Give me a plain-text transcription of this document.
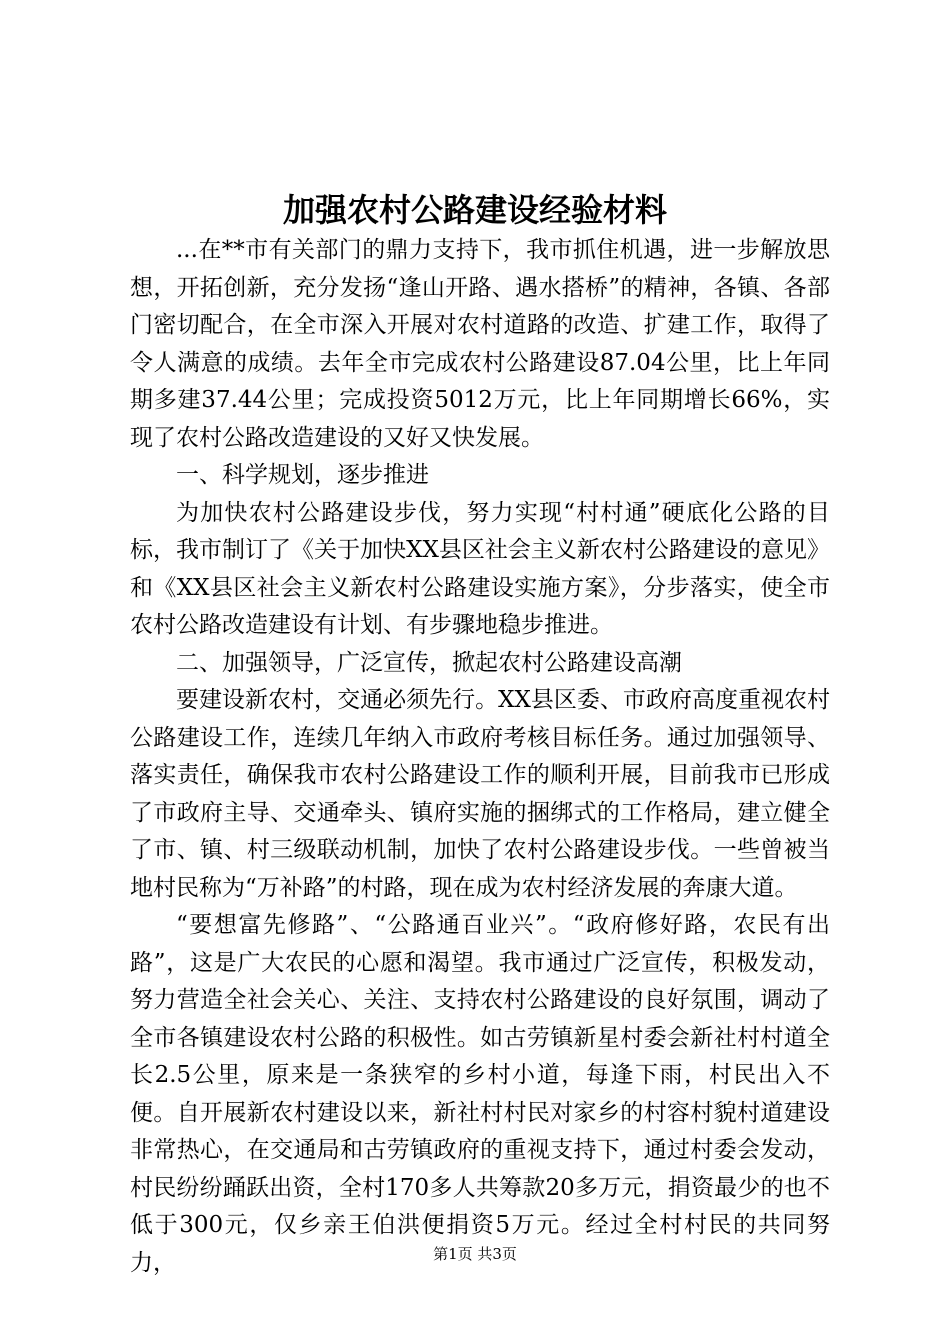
加强农村公路建设经验材料

...在**市有关部门的鼎力支持下，我市抓住机遇，进一步解放思想，开拓创新，充分发扬“逢山开路、遇水搭桥”的精神，各镇、各部门密切配合，在全市深入开展对农村道路的改造、扩建工作，取得了令人满意的成绩。去年全市完成农村公路建设87.04公里，比上年同期多建37.44公里；完成投资5012万元，比上年同期增长66%，实现了农村公路改造建设的又好又快发展。

一、科学规划，逐步推进

为加快农村公路建设步伐，努力实现“村村通”硬底化公路的目标，我市制订了《关于加快XX县区社会主义新农村公路建设的意见》和《XX县区社会主义新农村公路建设实施方案》，分步落实，使全市农村公路改造建设有计划、有步骤地稳步推进。

二、加强领导，广泛宣传，掀起农村公路建设高潮

要建设新农村，交通必须先行。XX县区委、市政府高度重视农村公路建设工作，连续几年纳入市政府考核目标任务。通过加强领导、落实责任，确保我市农村公路建设工作的顺利开展，目前我市已形成了市政府主导、交通牵头、镇府实施的捆绑式的工作格局，建立健全了市、镇、村三级联动机制，加快了农村公路建设步伐。一些曾被当地村民称为“万补路”的村路，现在成为农村经济发展的奔康大道。

“要想富先修路”、“公路通百业兴”。“政府修好路，农民有出路”，这是广大农民的心愿和渴望。我市通过广泛宣传，积极发动，努力营造全社会关心、关注、支持农村公路建设的良好氛围，调动了全市各镇建设农村公路的积极性。如古劳镇新星村委会新社村村道全长2.5公里，原来是一条狭窄的乡村小道，每逢下雨，村民出入不便。自开展新农村建设以来，新社村村民对家乡的村容村貌村道建设非常热心，在交通局和古劳镇政府的重视支持下，通过村委会发动，村民纷纷踊跃出资，全村170多人共筹款20多万元，捐资最少的也不低于300元，仅乡亲王伯洪便捐资5万元。经过全村村民的共同努力，	第1页 共3页
